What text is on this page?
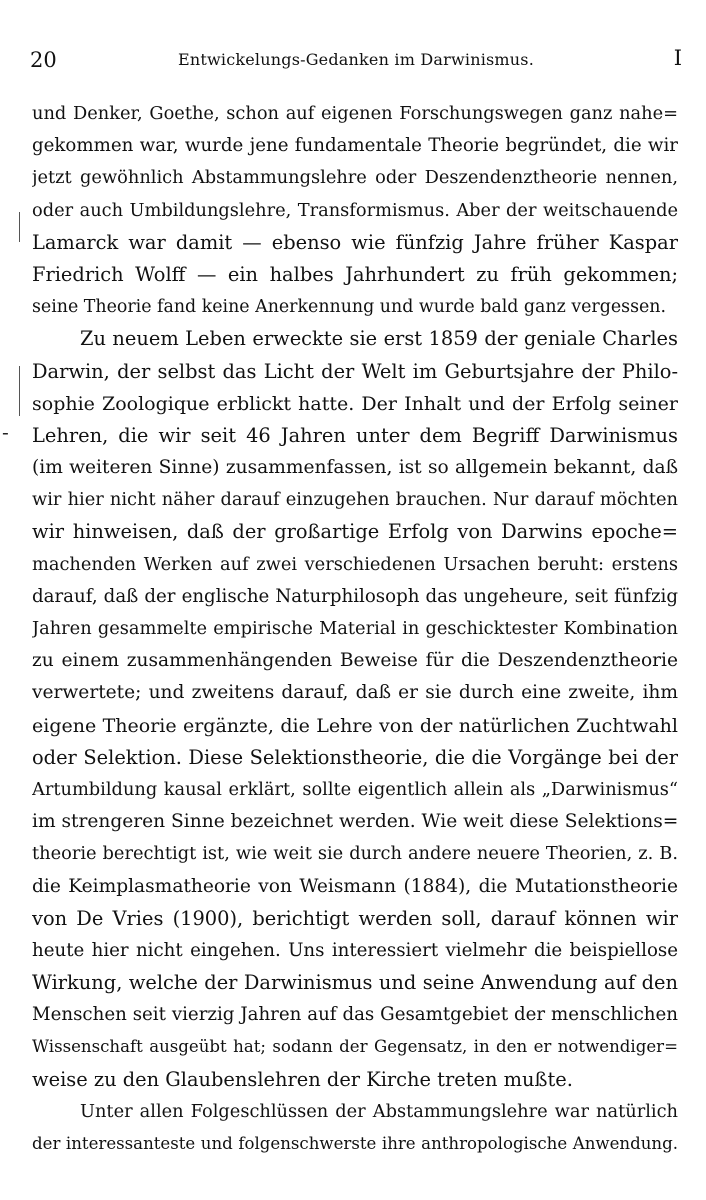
20	Entwickelungs-Gedanken im Darwinismus.	I
-
und Denker, Goethe, schon auf eigenen Forschungswegen ganz nahe=
gekommen war, wurde jene fundamentale Theorie begründet, die wir
jetzt gewöhnlich Abstammungslehre oder Deszendenztheorie nennen,
oder auch Umbildungslehre, Transformismus. Aber der weitschauende
Lamarck war damit — ebenso wie fünfzig Jahre früher Kaspar
Friedrich Wolff — ein halbes Jahrhundert zu früh gekommen;
seine Theorie fand keine Anerkennung und wurde bald ganz vergessen.
Zu neuem Leben erweckte sie erst 1859 der geniale Charles
Darwin, der selbst das Licht der Welt im Geburtsjahre der Philo-
sophie Zoologique erblickt hatte. Der Inhalt und der Erfolg seiner
Lehren, die wir seit 46 Jahren unter dem Begriff Darwinismus
(im weiteren Sinne) zusammenfassen, ist so allgemein bekannt, daß
wir hier nicht näher darauf einzugehen brauchen. Nur darauf möchten
wir hinweisen, daß der großartige Erfolg von Darwins epoche=
machenden Werken auf zwei verschiedenen Ursachen beruht: erstens
darauf, daß der englische Naturphilosoph das ungeheure, seit fünfzig
Jahren gesammelte empirische Material in geschicktester Kombination
zu einem zusammenhängenden Beweise für die Deszendenztheorie
verwertete; und zweitens darauf, daß er sie durch eine zweite, ihm
eigene Theorie ergänzte, die Lehre von der natürlichen Zuchtwahl
oder Selektion. Diese Selektionstheorie, die die Vorgänge bei der
Artumbildung kausal erklärt, sollte eigentlich allein als „Darwinismus“
im strengeren Sinne bezeichnet werden. Wie weit diese Selektions=
theorie berechtigt ist, wie weit sie durch andere neuere Theorien, z. B.
die Keimplasmatheorie von Weismann (1884), die Mutationstheorie
von De Vries (1900), berichtigt werden soll, darauf können wir
heute hier nicht eingehen. Uns interessiert vielmehr die beispiellose
Wirkung, welche der Darwinismus und seine Anwendung auf den
Menschen seit vierzig Jahren auf das Gesamtgebiet der menschlichen
Wissenschaft ausgeübt hat; sodann der Gegensatz, in den er notwendiger=
weise zu den Glaubenslehren der Kirche treten mußte.
Unter allen Folgeschlüssen der Abstammungslehre war natürlich
der interessanteste und folgenschwerste ihre anthropologische Anwendung.
